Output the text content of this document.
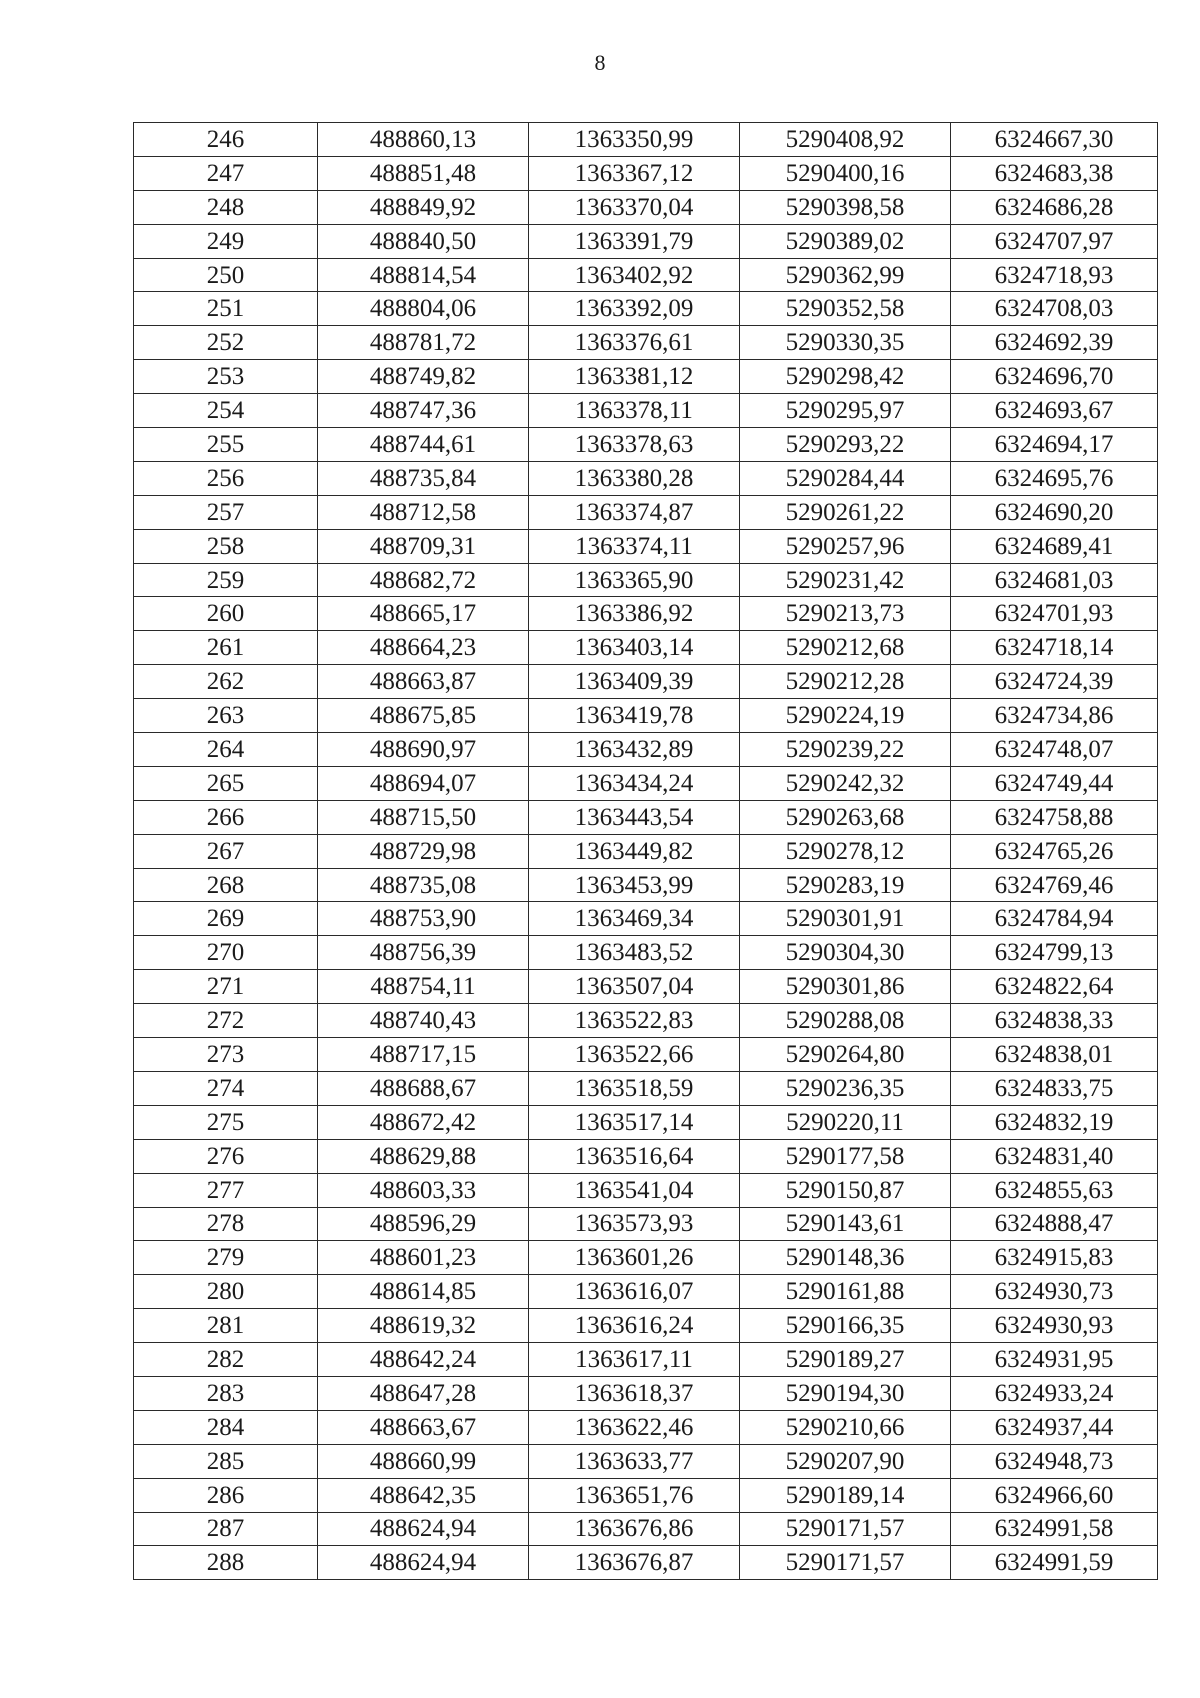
8
246	488860,13	1363350,99	5290408,92	6324667,30
247	488851,48	1363367,12	5290400,16	6324683,38
248	488849,92	1363370,04	5290398,58	6324686,28
249	488840,50	1363391,79	5290389,02	6324707,97
250	488814,54	1363402,92	5290362,99	6324718,93
251	488804,06	1363392,09	5290352,58	6324708,03
252	488781,72	1363376,61	5290330,35	6324692,39
253	488749,82	1363381,12	5290298,42	6324696,70
254	488747,36	1363378,11	5290295,97	6324693,67
255	488744,61	1363378,63	5290293,22	6324694,17
256	488735,84	1363380,28	5290284,44	6324695,76
257	488712,58	1363374,87	5290261,22	6324690,20
258	488709,31	1363374,11	5290257,96	6324689,41
259	488682,72	1363365,90	5290231,42	6324681,03
260	488665,17	1363386,92	5290213,73	6324701,93
261	488664,23	1363403,14	5290212,68	6324718,14
262	488663,87	1363409,39	5290212,28	6324724,39
263	488675,85	1363419,78	5290224,19	6324734,86
264	488690,97	1363432,89	5290239,22	6324748,07
265	488694,07	1363434,24	5290242,32	6324749,44
266	488715,50	1363443,54	5290263,68	6324758,88
267	488729,98	1363449,82	5290278,12	6324765,26
268	488735,08	1363453,99	5290283,19	6324769,46
269	488753,90	1363469,34	5290301,91	6324784,94
270	488756,39	1363483,52	5290304,30	6324799,13
271	488754,11	1363507,04	5290301,86	6324822,64
272	488740,43	1363522,83	5290288,08	6324838,33
273	488717,15	1363522,66	5290264,80	6324838,01
274	488688,67	1363518,59	5290236,35	6324833,75
275	488672,42	1363517,14	5290220,11	6324832,19
276	488629,88	1363516,64	5290177,58	6324831,40
277	488603,33	1363541,04	5290150,87	6324855,63
278	488596,29	1363573,93	5290143,61	6324888,47
279	488601,23	1363601,26	5290148,36	6324915,83
280	488614,85	1363616,07	5290161,88	6324930,73
281	488619,32	1363616,24	5290166,35	6324930,93
282	488642,24	1363617,11	5290189,27	6324931,95
283	488647,28	1363618,37	5290194,30	6324933,24
284	488663,67	1363622,46	5290210,66	6324937,44
285	488660,99	1363633,77	5290207,90	6324948,73
286	488642,35	1363651,76	5290189,14	6324966,60
287	488624,94	1363676,86	5290171,57	6324991,58
288	488624,94	1363676,87	5290171,57	6324991,59
